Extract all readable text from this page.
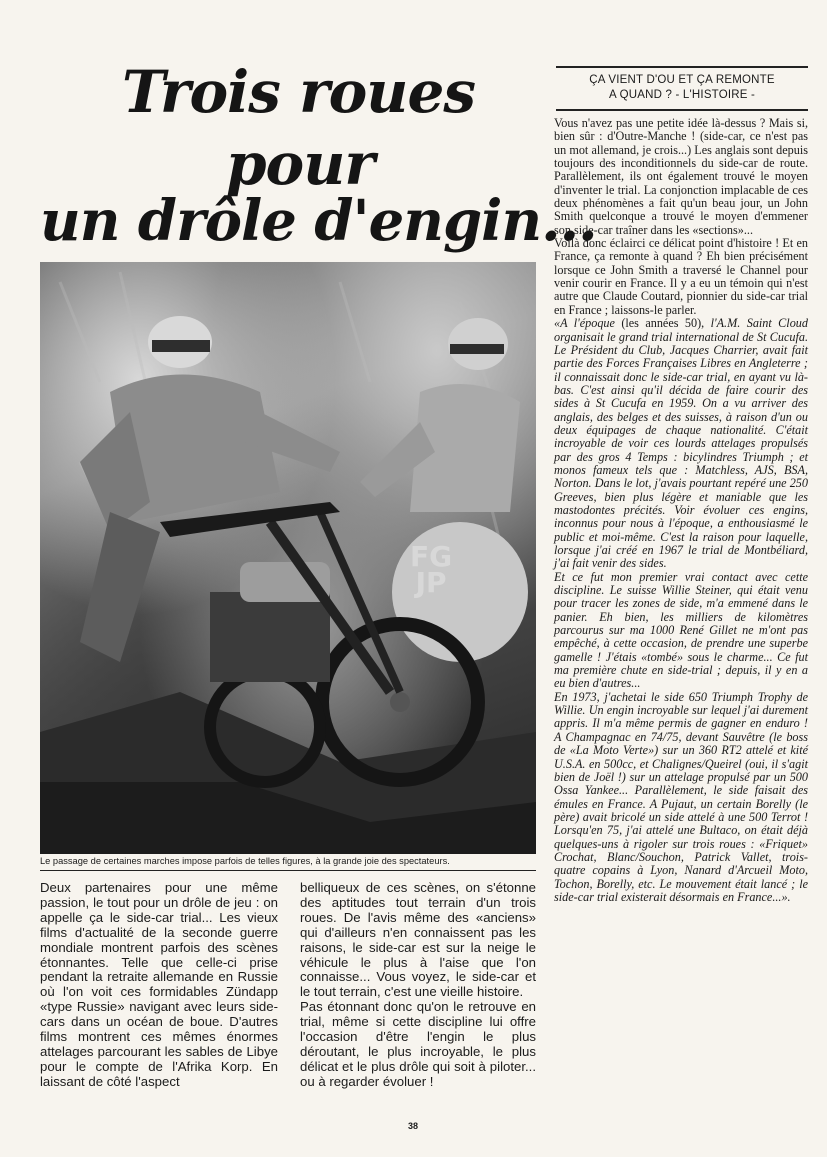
Trois roues
pour
un drôle d'engin...
ÇA VIENT D'OU ET ÇA REMONTE
A QUAND ? - L'HISTOIRE -
FG
JP
Le passage de certaines marches impose parfois de telles figures, à la grande joie des spectateurs.

Deux partenaires pour une même passion, le tout pour un drôle de jeu : on appelle ça le side-car trial... Les vieux films d'actualité de la seconde guerre mondiale montrent parfois des scènes étonnantes. Telle que celle-ci prise pendant la retraite allemande en Russie où l'on voit ces formidables Zündapp «type Russie» navigant avec leurs side-cars dans un océan de boue. D'autres films montrent ces mêmes énormes attelages parcourant les sables de Libye pour le compte de l'Afrika Korp. En laissant de côté l'aspect

belliqueux de ces scènes, on s'étonne des aptitudes tout terrain d'un trois roues. De l'avis même des «anciens» qui d'ailleurs n'en connaissent pas les raisons, le side-car est sur la neige le véhicule le plus à l'aise que l'on connaisse... Vous voyez, le side-car et le tout terrain, c'est une vieille histoire.

Pas étonnant donc qu'on le retrouve en trial, même si cette discipline lui offre l'occasion d'être l'engin le plus déroutant, le plus incroyable, le plus délicat et le plus drôle qui soit à piloter... ou à regarder évoluer !

Vous n'avez pas une petite idée là-dessus ? Mais si, bien sûr : d'Outre-Manche ! (side-car, ce n'est pas un mot allemand, je crois...) Les anglais sont depuis toujours des inconditionnels du side-car de route. Parallèlement, ils ont également trouvé le moyen d'inventer le trial. La conjonction implacable de ces deux phénomènes a fait qu'un beau jour, un John Smith quelconque a trouvé le moyen d'emmener son side-car traîner dans les «sections»...

Voilà donc éclairci ce délicat point d'histoire ! Et en France, ça remonte à quand ? Eh bien précisément lorsque ce John Smith a traversé le Channel pour venir courir en France. Il y a eu un témoin qui n'est autre que Claude Coutard, pionnier du side-car trial en France ; laissons-le parler.

«A l'époque (les années 50), l'A.M. Saint Cloud organisait le grand trial international de St Cucufa. Le Président du Club, Jacques Charrier, avait fait partie des Forces Françaises Libres en Angleterre ; il connaissait donc le side-car trial, en ayant vu là-bas. C'est ainsi qu'il décida de faire courir des sides à St Cucufa en 1959. On a vu arriver des anglais, des belges et des suisses, à raison d'un ou deux équipages de chaque nationalité. C'était incroyable de voir ces lourds attelages propulsés par des gros 4 Temps : bicylindres Triumph ; et monos fameux tels que : Matchless, AJS, BSA, Norton. Dans le lot, j'avais pourtant repéré une 250 Greeves, bien plus légère et maniable que les mastodontes précités. Voir évoluer ces engins, inconnus pour nous à l'époque, a enthousiasmé le public et moi-même. C'est la raison pour laquelle, lorsque j'ai créé en 1967 le trial de Montbéliard, j'ai fait venir des sides.

Et ce fut mon premier vrai contact avec cette discipline. Le suisse Willie Steiner, qui était venu pour tracer les zones de side, m'a emmené dans le panier. Eh bien, les milliers de kilomètres parcourus sur ma 1000 René Gillet ne m'ont pas empêché, à cette occasion, de prendre une superbe gamelle ! J'étais «tombé» sous le charme... Ce fut ma première chute en side-trial ; depuis, il y en a eu bien d'autres...

En 1973, j'achetai le side 650 Triumph Trophy de Willie. Un engin incroyable sur lequel j'ai durement appris. Il m'a même permis de gagner en enduro ! A Champagnac en 74/75, devant Sauvêtre (le boss de «La Moto Verte») sur un 360 RT2 attelé et kité U.S.A. en 500cc, et Chalignes/Queirel (oui, il s'agit bien de Joël !) sur un attelage propulsé par un 500 Ossa Yankee... Parallèlement, le side faisait des émules en France. A Pujaut, un certain Borelly (le père) avait bricolé un side attelé à une 500 Terrot ! Lorsqu'en 75, j'ai attelé une Bultaco, on était déjà quelques-uns à rigoler sur trois roues : «Friquet» Crochat, Blanc/Souchon, Patrick Vallet, trois-quatre copains à Lyon, Nanard d'Arcueil Moto, Tochon, Borelly, etc. Le mouvement était lancé ; le side-car trial existerait désormais en France...».

38
